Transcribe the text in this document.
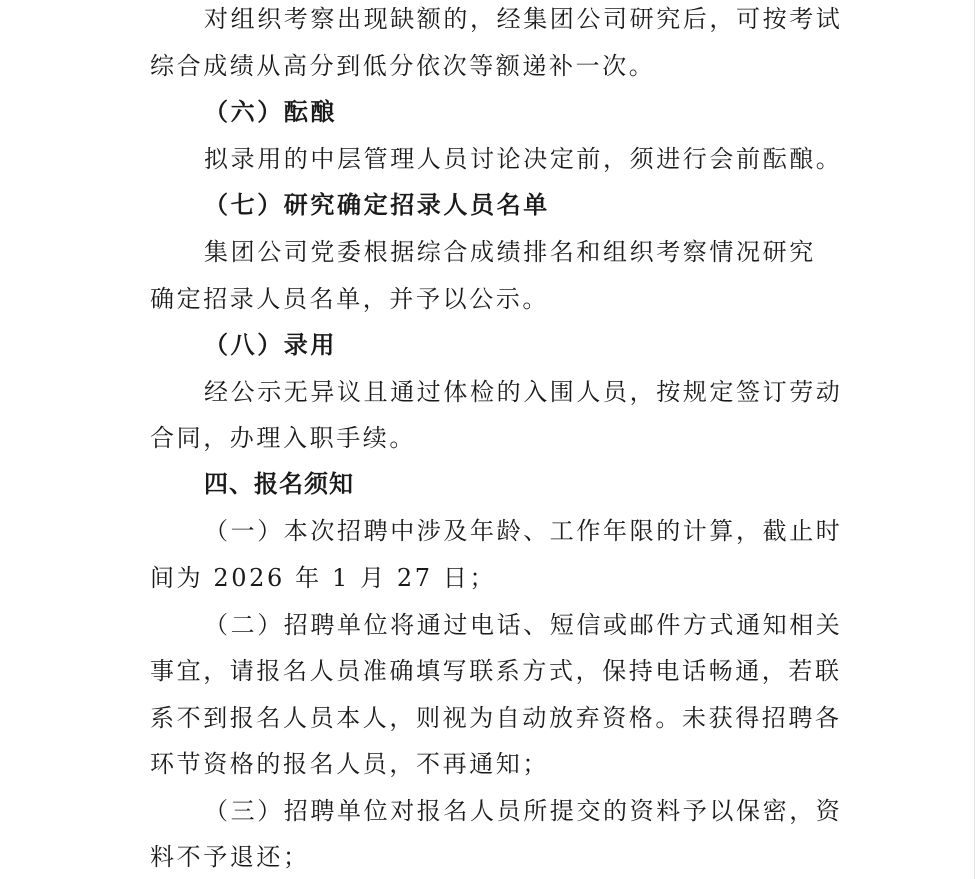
对组织考察出现缺额的，经集团公司研究后，可按考试
综合成绩从高分到低分依次等额递补一次。
（六）酝酿
拟录用的中层管理人员讨论决定前，须进行会前酝酿。
（七）研究确定招录人员名单
集团公司党委根据综合成绩排名和组织考察情况研究
确定招录人员名单，并予以公示。
（八）录用
经公示无异议且通过体检的入围人员，按规定签订劳动
合同，办理入职手续。
四、报名须知
（一）本次招聘中涉及年龄、工作年限的计算，截止时
间为 2026 年 1 月 27 日；
（二）招聘单位将通过电话、短信或邮件方式通知相关
事宜，请报名人员准确填写联系方式，保持电话畅通，若联
系不到报名人员本人，则视为自动放弃资格。未获得招聘各
环节资格的报名人员，不再通知；
（三）招聘单位对报名人员所提交的资料予以保密，资
料不予退还；
